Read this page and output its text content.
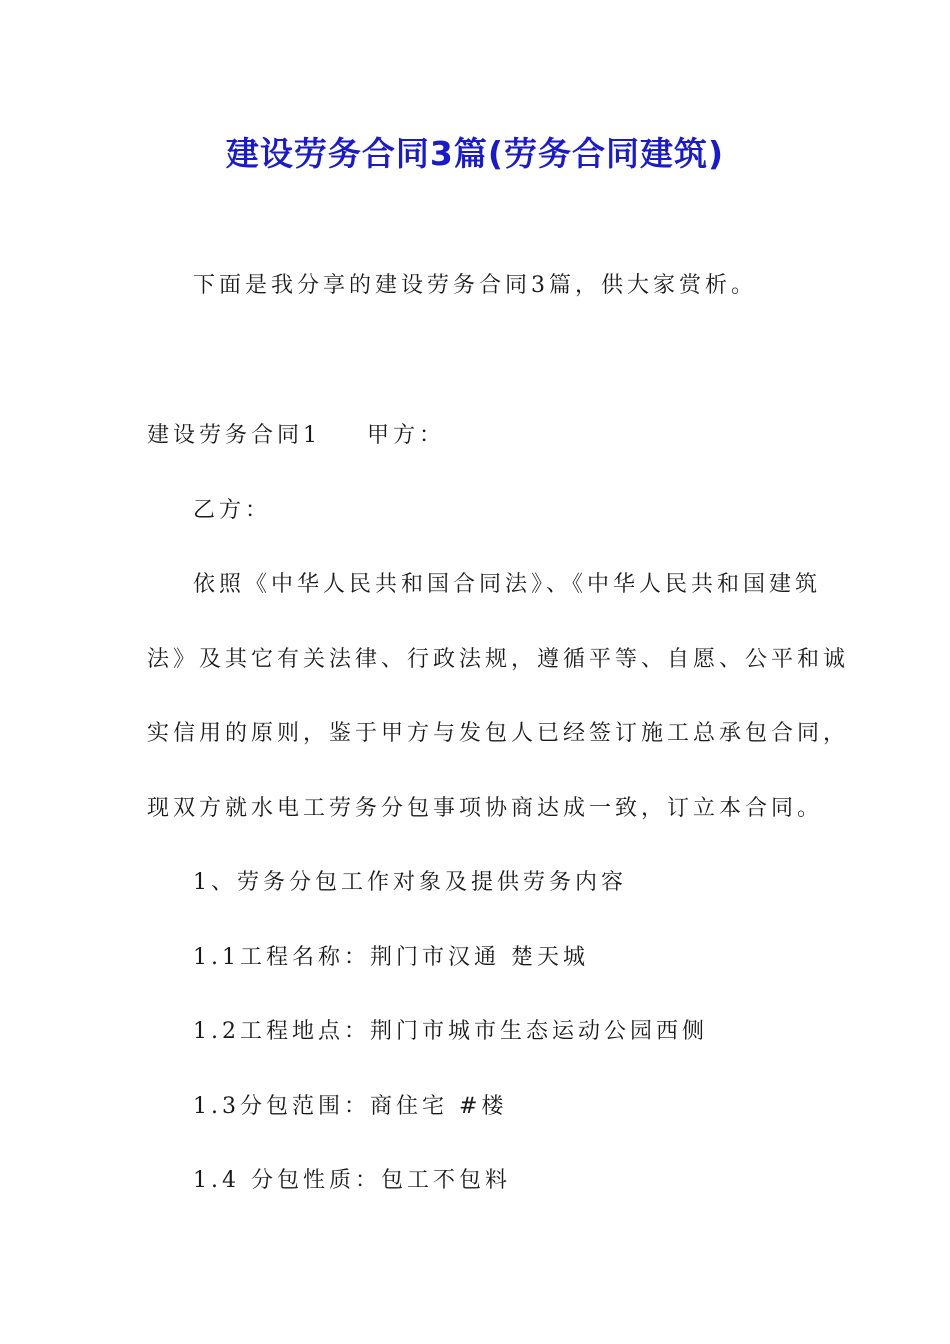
建设劳务合同3篇(劳务合同建筑)

下面是我分享的建设劳务合同3篇，供大家赏析。

建设劳务合同1 甲方：

乙方：

依照《中华人民共和国合同法》、《中华人民共和国建筑

法》及其它有关法律、行政法规，遵循平等、自愿、公平和诚

实信用的原则，鉴于甲方与发包人已经签订施工总承包合同，

现双方就水电工劳务分包事项协商达成一致，订立本合同。

1、劳务分包工作对象及提供劳务内容

1.1工程名称：荆门市汉通 楚天城

1.2工程地点：荆门市城市生态运动公园西侧

1.3分包范围：商住宅 #楼

1.4 分包性质：包工不包料
